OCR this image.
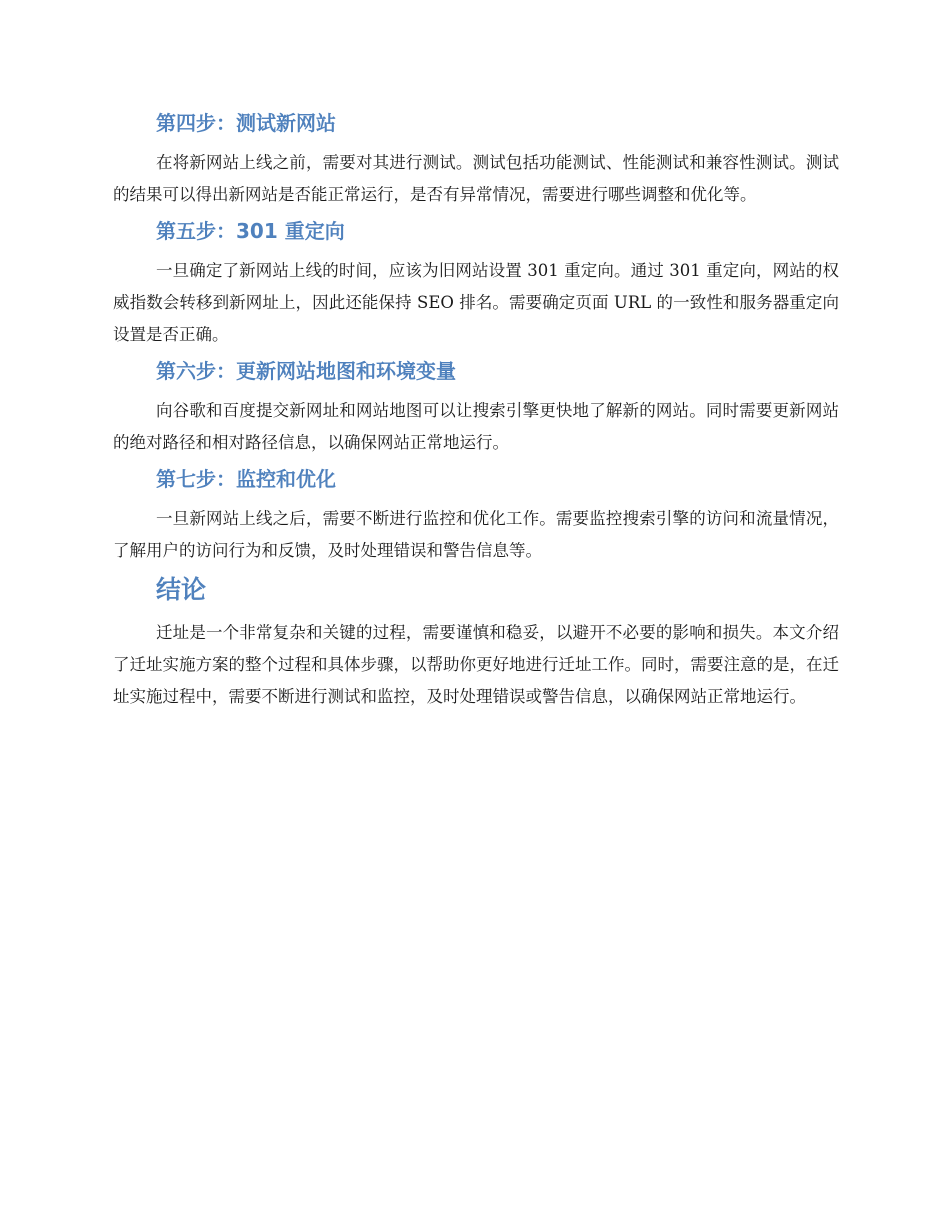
第四步：测试新网站

在将新网站上线之前，需要对其进行测试。测试包括功能测试、性能测试和兼容性测试。测试的结果可以得出新网站是否能正常运行，是否有异常情况，需要进行哪些调整和优化等。

第五步：301 重定向

一旦确定了新网站上线的时间，应该为旧网站设置 301 重定向。通过 301 重定向，网站的权威指数会转移到新网址上，因此还能保持 SEO 排名。需要确定页面 URL 的一致性和服务器重定向设置是否正确。

第六步：更新网站地图和环境变量

向谷歌和百度提交新网址和网站地图可以让搜索引擎更快地了解新的网站。同时需要更新网站的绝对路径和相对路径信息，以确保网站正常地运行。

第七步：监控和优化

一旦新网站上线之后，需要不断进行监控和优化工作。需要监控搜索引擎的访问和流量情况，了解用户的访问行为和反馈，及时处理错误和警告信息等。

结论

迁址是一个非常复杂和关键的过程，需要谨慎和稳妥，以避开不必要的影响和损失。本文介绍了迁址实施方案的整个过程和具体步骤，以帮助你更好地进行迁址工作。同时，需要注意的是，在迁址实施过程中，需要不断进行测试和监控，及时处理错误或警告信息，以确保网站正常地运行。
